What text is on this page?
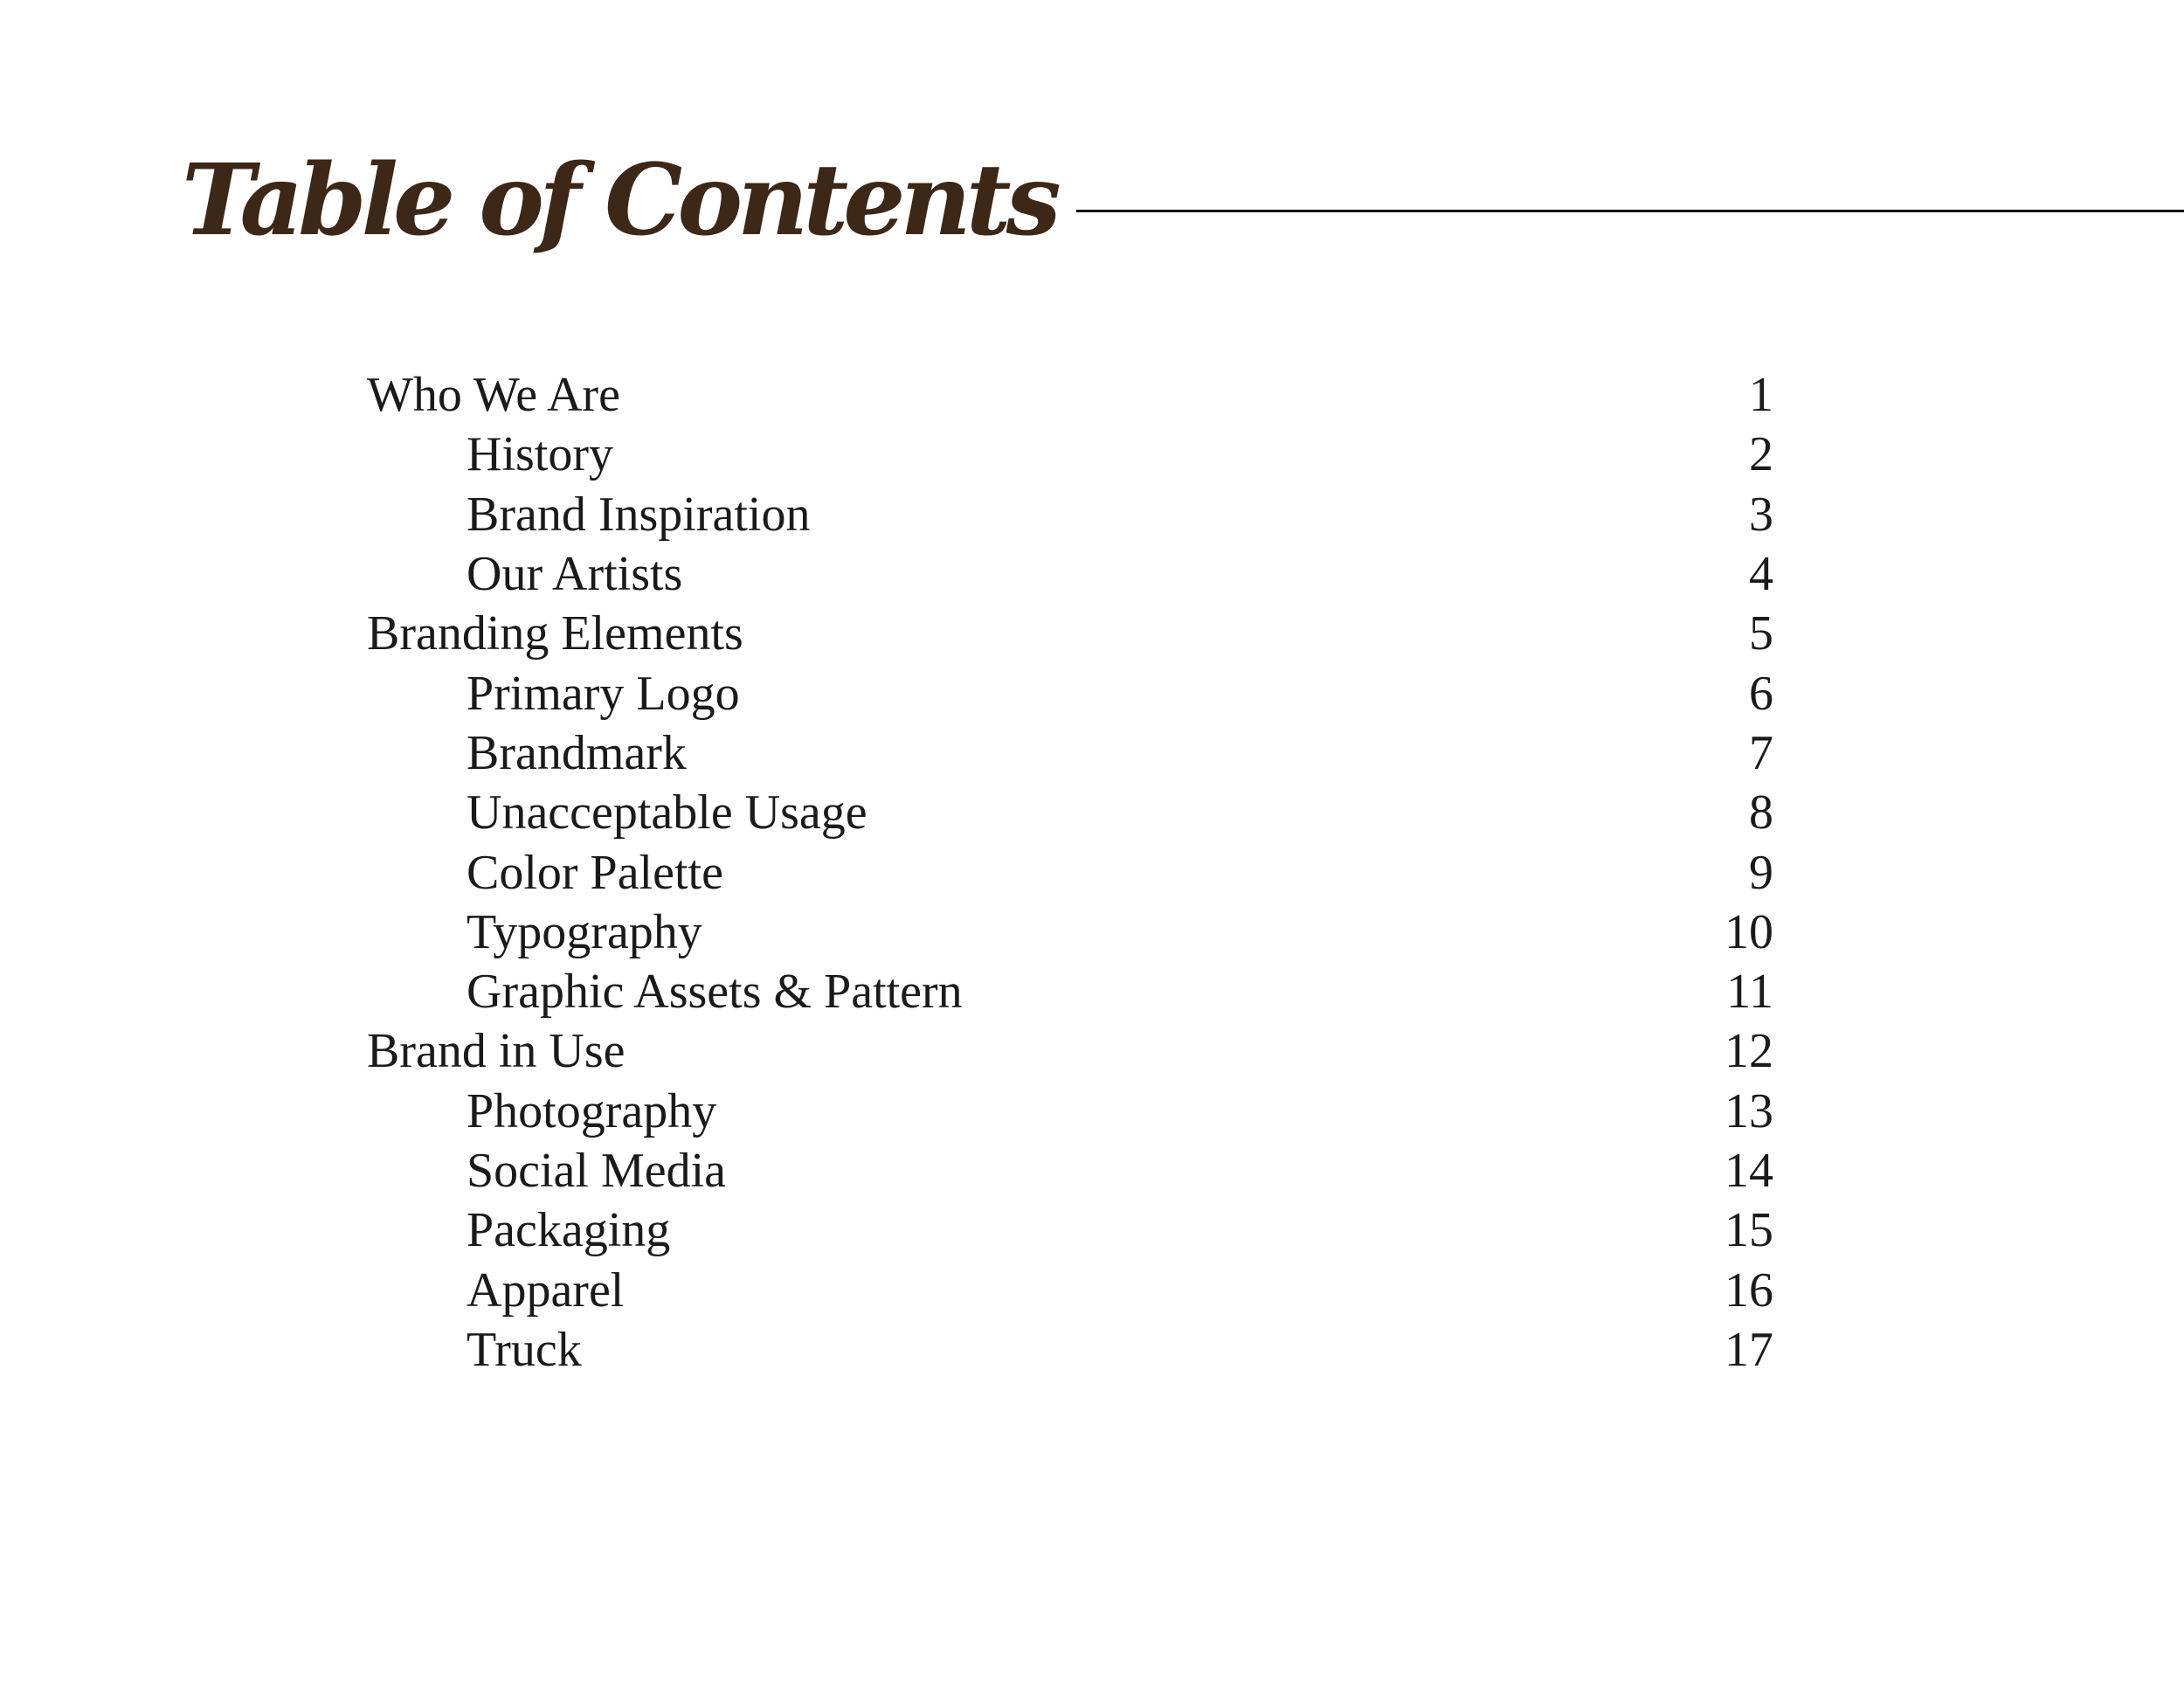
Table of Contents
Who We Are	1
History	2
Brand Inspiration	3
Our Artists	4
Branding Elements	5
Primary Logo	6
Brandmark	7
Unacceptable Usage	8
Color Palette	9
Typography	10
Graphic Assets & Pattern	11
Brand in Use	12
Photography	13
Social Media	14
Packaging	15
Apparel	16
Truck	17
